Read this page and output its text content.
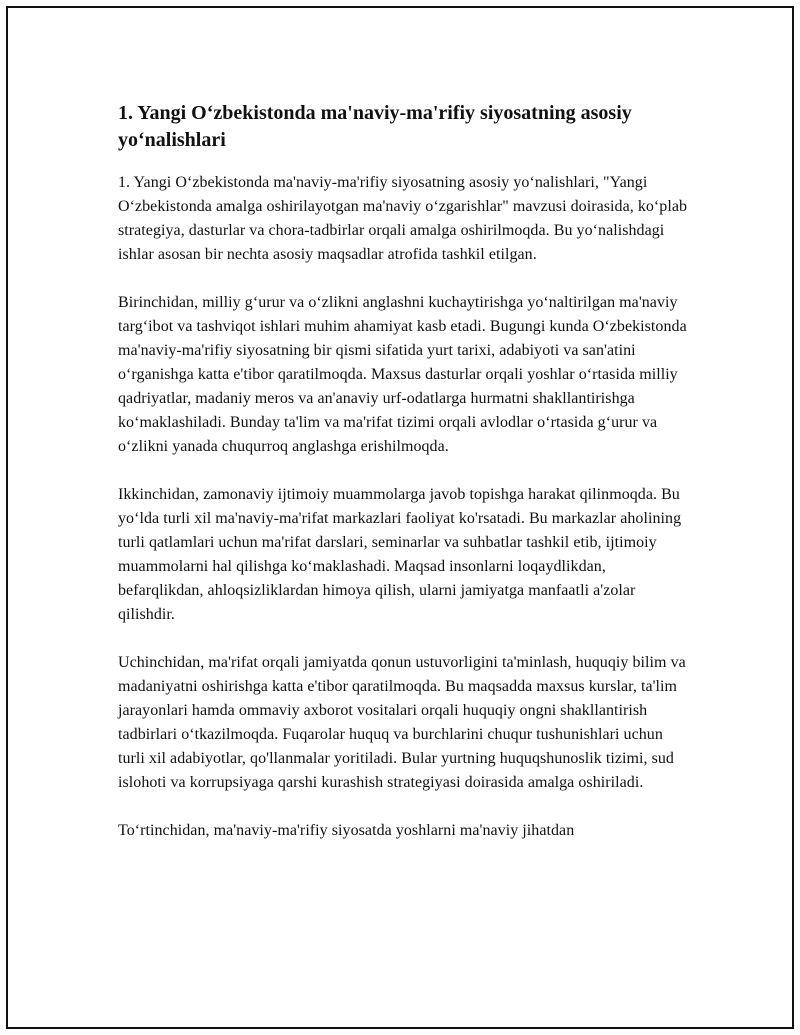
1. Yangi O‘zbekistonda ma'naviy-ma'rifiy siyosatning asosiy yo‘nalishlari

1. Yangi O‘zbekistonda ma'naviy-ma'rifiy siyosatning asosiy yo‘nalishlari, "Yangi O‘zbekistonda amalga oshirilayotgan ma'naviy o‘zgarishlar" mavzusi doirasida, ko‘plab strategiya, dasturlar va chora-tadbirlar orqali amalga oshirilmoqda. Bu yo‘nalishdagi ishlar asosan bir nechta asosiy maqsadlar atrofida tashkil etilgan.

Birinchidan, milliy g‘urur va o‘zlikni anglashni kuchaytirishga yo‘naltirilgan ma'naviy targ‘ibot va tashviqot ishlari muhim ahamiyat kasb etadi. Bugungi kunda O‘zbekistonda ma'naviy-ma'rifiy siyosatning bir qismi sifatida yurt tarixi, adabiyoti va san'atini o‘rganishga katta e'tibor qaratilmoqda. Maxsus dasturlar orqali yoshlar o‘rtasida milliy qadriyatlar, madaniy meros va an'anaviy urf-odatlarga hurmatni shakllantirishga ko‘maklashiladi. Bunday ta'lim va ma'rifat tizimi orqali avlodlar o‘rtasida g‘urur va o‘zlikni yanada chuqurroq anglashga erishilmoqda.

Ikkinchidan, zamonaviy ijtimoiy muammolarga javob topishga harakat qilinmoqda. Bu yo‘lda turli xil ma'naviy-ma'rifat markazlari faoliyat ko'rsatadi. Bu markazlar aholining turli qatlamlari uchun ma'rifat darslari, seminarlar va suhbatlar tashkil etib, ijtimoiy muammolarni hal qilishga ko‘maklashadi. Maqsad insonlarni loqaydlikdan, befarqlikdan, ahloqsizliklardan himoya qilish, ularni jamiyatga manfaatli a'zolar qilishdir.

Uchinchidan, ma'rifat orqali jamiyatda qonun ustuvorligini ta'minlash, huquqiy bilim va madaniyatni oshirishga katta e'tibor qaratilmoqda. Bu maqsadda maxsus kurslar, ta'lim jarayonlari hamda ommaviy axborot vositalari orqali huquqiy ongni shakllantirish tadbirlari o‘tkazilmoqda. Fuqarolar huquq va burchlarini chuqur tushunishlari uchun turli xil adabiyotlar, qo'llanmalar yoritiladi. Bular yurtning huquqshunoslik tizimi, sud islohoti va korrupsiyaga qarshi kurashish strategiyasi doirasida amalga oshiriladi.

To‘rtinchidan, ma'naviy-ma'rifiy siyosatda yoshlarni ma'naviy jihatdan
